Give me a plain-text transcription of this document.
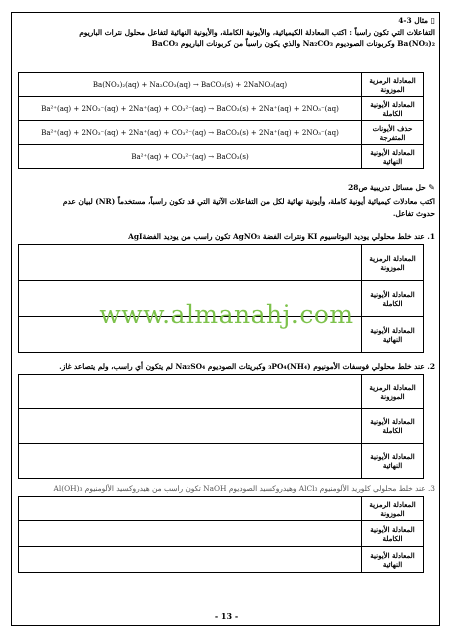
▯ مثال 3-4
التفاعلات التي تكون راسباً : اكتب المعادلة الكيميائية، والأيونية الكاملة، والأيونية النهائية لتفاعل محلول نترات الباريوم
Ba(NO₃)₂ وكربونات الصوديوم Na₂CO₃ والذي يكون راسباً من كربونات الباريوم BaCO₃
Ba(NO₃)₂(aq) + Na₂CO₃(aq) → BaCO₃(s) + 2NaNO₃(aq)	المعادلة الرمزية الموزونة
Ba²⁺(aq) + 2NO₃⁻(aq) + 2Na⁺(aq) + CO₃²⁻(aq) → BaCO₃(s) + 2Na⁺(aq) + 2NO₃⁻(aq)	المعادلة الأيونية الكاملة
Ba²⁺(aq) + 2NO₃⁻(aq) + 2Na⁺(aq) + CO₃²⁻(aq) → BaCO₃(s) + 2Na⁺(aq) + 2NO₃⁻(aq)	حذف الأيونات المتفرجة
Ba²⁺(aq) + CO₃²⁻(aq) → BaCO₃(s)	المعادلة الأيونية النهائية
✎ حل مسائل تدريبية ص28
اكتب معادلات كيميائية أيونية كاملة، وأيونية نهائية لكل من التفاعلات الآتية التي قد تكون راسباً، مستخدماً (NR) لبيان عدم
حدوث تفاعل.
1. عند خلط محلولي يوديد البوتاسيوم KI ونترات الفضة AgNO₃ تكون راسب من يوديد الفضةAgI
	المعادلة الرمزية الموزونة
	المعادلة الأيونية الكاملة
	المعادلة الأيونية النهائية
2. عند خلط محلولي فوسفات الأمونيوم (NH₄)₃PO₄ وكبريتات الصوديوم Na₂SO₄ لم يتكون أي راسب، ولم يتصاعد غاز.
	المعادلة الرمزية الموزونة
	المعادلة الأيونية الكاملة
	المعادلة الأيونية النهائية
3. عند خلط محلولي كلوريد الألومنيوم AlCl₃ وهيدروكسيد الصوديوم NaOH تكون راسب من هيدروكسيد الألومنيوم Al(OH)₃
	المعادلة الرمزية الموزونة
	المعادلة الأيونية الكاملة
	المعادلة الأيونية النهائية
www.almanahj.com
- 13 -
